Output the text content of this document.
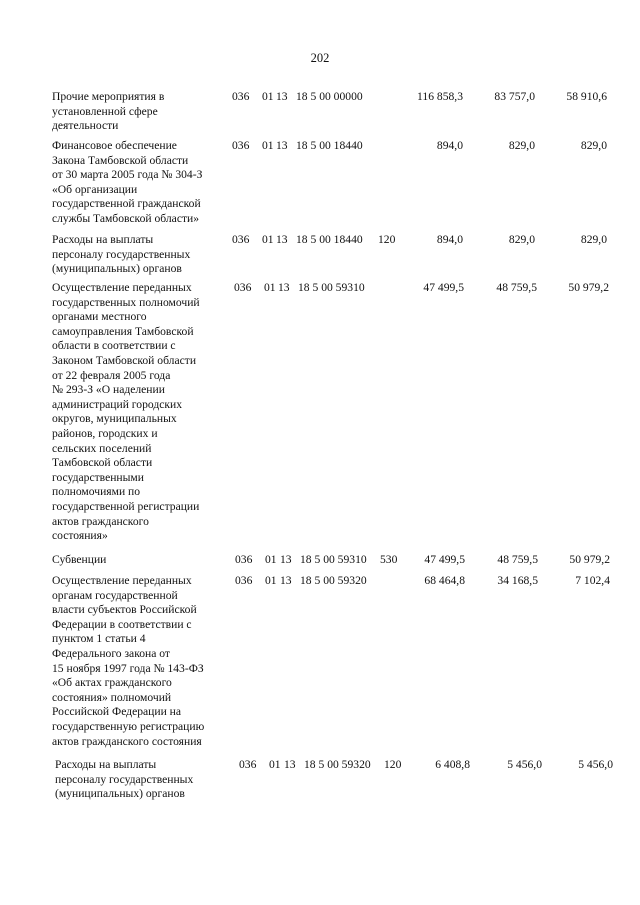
202
Прочие мероприятия в
установленной сфере
деятельности
036 01 13 18 5 00 00000	116 858,3	83 757,0	58 910,6
Финансовое обеспечение
Закона Тамбовской области
от 30 марта 2005 года № 304-З
«Об организации
государственной гражданской
службы Тамбовской области»
036 01 13 18 5 00 18440	894,0	829,0	829,0
Расходы на выплаты
персоналу государственных
(муниципальных) органов
036 01 13 18 5 00 18440 120	894,0	829,0	829,0
Осуществление переданных
государственных полномочий
органами местного
самоуправления Тамбовской
области в соответствии с
Законом Тамбовской области
от 22 февраля 2005 года
№ 293-З «О наделении
администраций городских
округов, муниципальных
районов, городских и
сельских поселений
Тамбовской области
государственными
полномочиями по
государственной регистрации
актов гражданского
состояния»
036 01 13 18 5 00 59310	47 499,5	48 759,5	50 979,2
Субвенции	036 01 13 18 5 00 59310 530	47 499,5	48 759,5	50 979,2
Осуществление переданных
органам государственной
власти субъектов Российской
Федерации в соответствии с
пунктом 1 статьи 4
Федерального закона от
15 ноября 1997 года № 143-ФЗ
«Об актах гражданского
состояния» полномочий
Российской Федерации на
государственную регистрацию
актов гражданского состояния
036 01 13 18 5 00 59320	68 464,8	34 168,5	7 102,4
Расходы на выплаты
персоналу государственных
(муниципальных) органов
036 01 13 18 5 00 59320 120	6 408,8	5 456,0	5 456,0
